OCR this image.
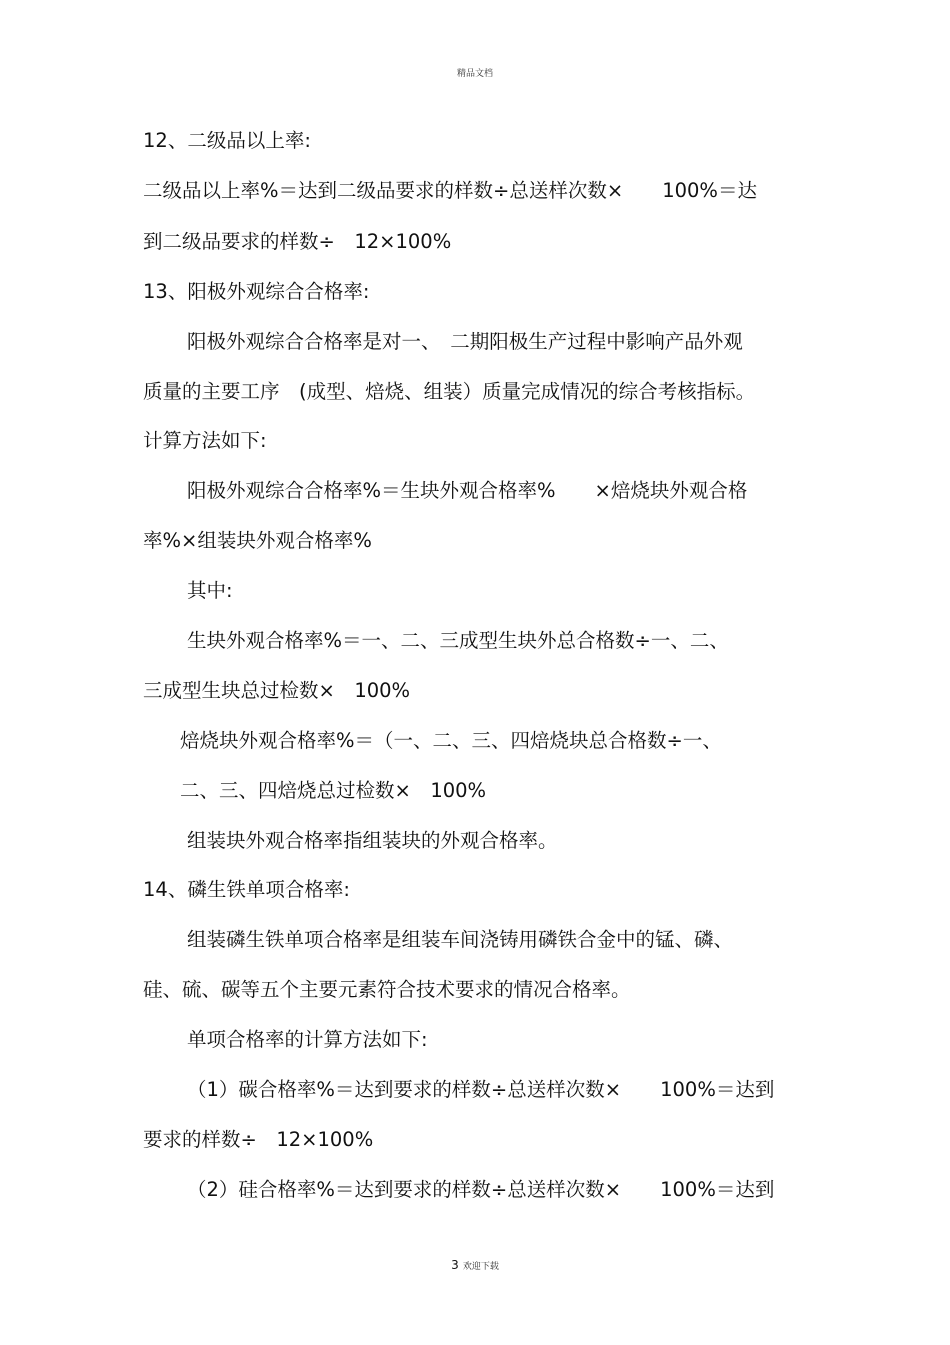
精品文档
12、二级品以上率:
二级品以上率%＝达到二级品要求的样数÷总送样次数×　　100%＝达
到二级品要求的样数÷　12×100%
13、阳极外观综合合格率:
阳极外观综合合格率是对一、　二期阳极生产过程中影响产品外观
质量的主要工序　(成型、焙烧、组装）质量完成情况的综合考核指标。
计算方法如下:
阳极外观综合合格率%＝生块外观合格率%　　×焙烧块外观合格
率%×组装块外观合格率%
其中:
生块外观合格率%＝一、二、三成型生块外总合格数÷一、二、
三成型生块总过检数×　100%
焙烧块外观合格率%＝（一、二、三、四焙烧块总合格数÷一、
二、三、四焙烧总过检数×　100%
组装块外观合格率指组装块的外观合格率。
14、磷生铁单项合格率:
组装磷生铁单项合格率是组装车间浇铸用磷铁合金中的锰、磷、
硅、硫、碳等五个主要元素符合技术要求的情况合格率。
单项合格率的计算方法如下:
（1）碳合格率%＝达到要求的样数÷总送样次数×　　100%＝达到
要求的样数÷　12×100%
（2）硅合格率%＝达到要求的样数÷总送样次数×　　100%＝达到
3 欢迎下载
